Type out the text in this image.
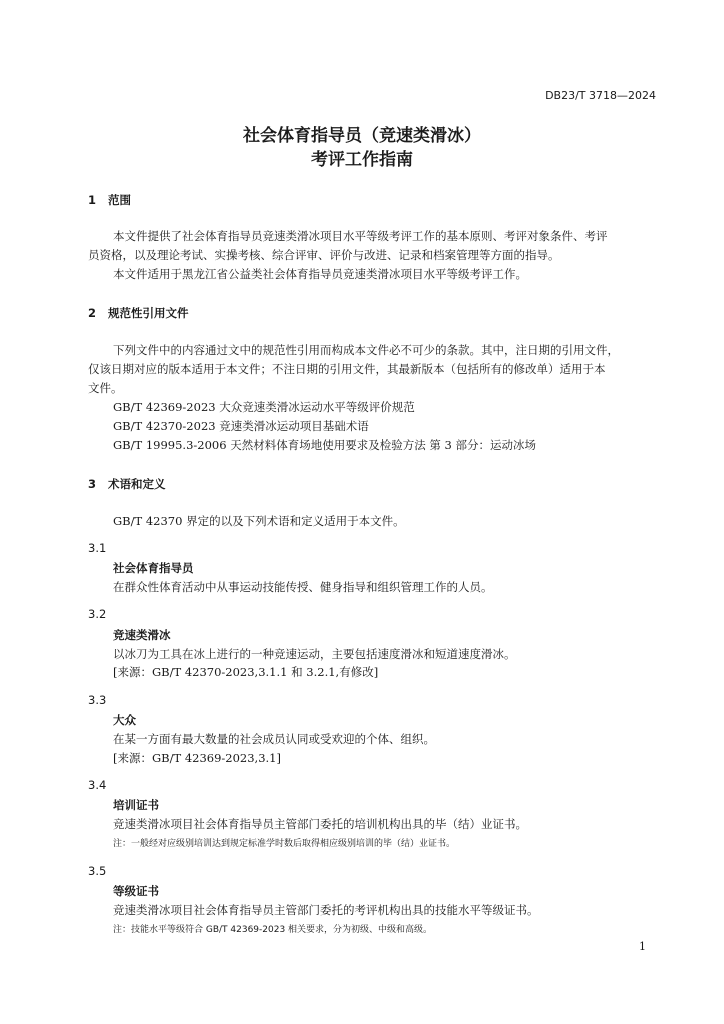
DB23/T 3718—2024
社会体育指导员（竞速类滑冰）
考评工作指南
1 范围
本文件提供了社会体育指导员竞速类滑冰项目水平等级考评工作的基本原则、考评对象条件、考评
员资格，以及理论考试、实操考核、综合评审、评价与改进、记录和档案管理等方面的指导。
本文件适用于黑龙江省公益类社会体育指导员竞速类滑冰项目水平等级考评工作。
2 规范性引用文件
下列文件中的内容通过文中的规范性引用而构成本文件必不可少的条款。其中，注日期的引用文件，
仅该日期对应的版本适用于本文件；不注日期的引用文件，其最新版本（包括所有的修改单）适用于本
文件。
GB/T 42369-2023 大众竞速类滑冰运动水平等级评价规范
GB/T 42370-2023 竞速类滑冰运动项目基础术语
GB/T 19995.3-2006 天然材料体育场地使用要求及检验方法 第 3 部分：运动冰场
3 术语和定义
GB/T 42370 界定的以及下列术语和定义适用于本文件。
3.1
社会体育指导员
在群众性体育活动中从事运动技能传授、健身指导和组织管理工作的人员。
3.2
竞速类滑冰
以冰刀为工具在冰上进行的一种竞速运动，主要包括速度滑冰和短道速度滑冰。
[来源：GB/T 42370-2023,3.1.1 和 3.2.1,有修改]
3.3
大众
在某一方面有最大数量的社会成员认同或受欢迎的个体、组织。
[来源：GB/T 42369-2023,3.1]
3.4
培训证书
竞速类滑冰项目社会体育指导员主管部门委托的培训机构出具的毕（结）业证书。
注：一般经对应级别培训达到规定标准学时数后取得相应级别培训的毕（结）业证书。
3.5
等级证书
竞速类滑冰项目社会体育指导员主管部门委托的考评机构出具的技能水平等级证书。
注：技能水平等级符合 GB/T 42369-2023 相关要求，分为初级、中级和高级。
1
